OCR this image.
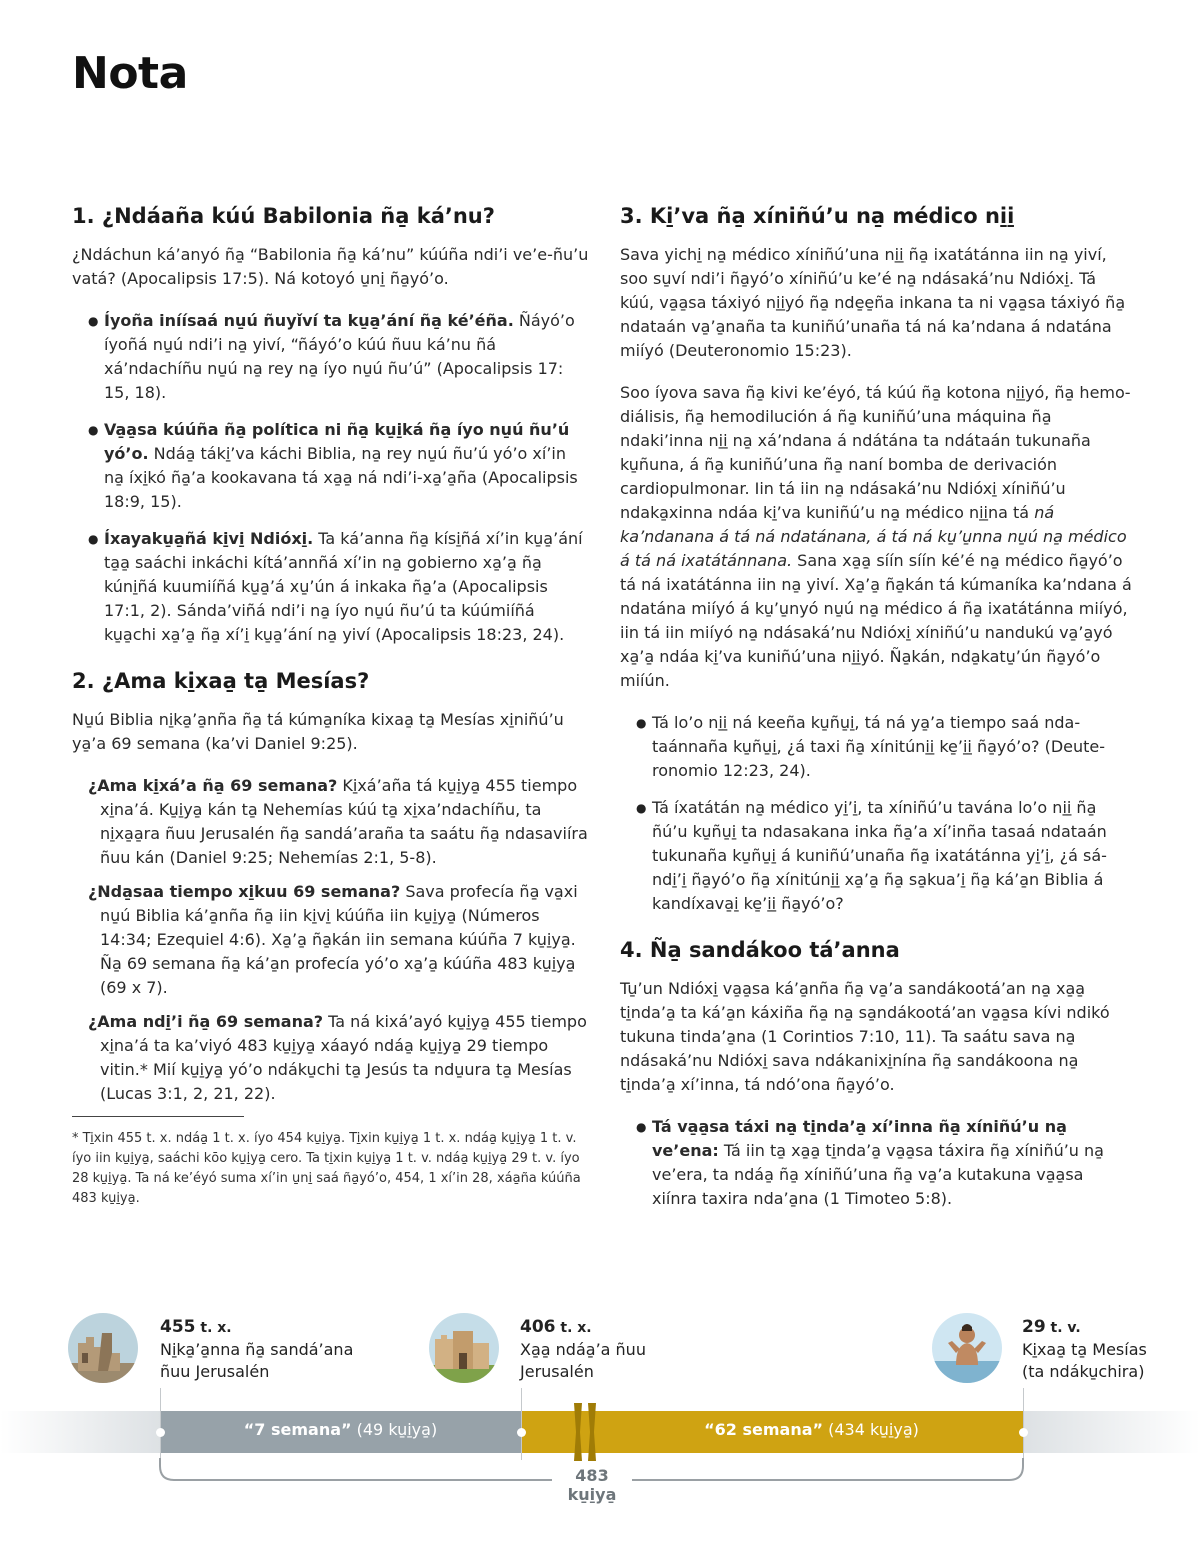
Nota
1. ¿Ndáaña kúú Babilonia ña̱ ká’nu?

¿Ndáchun ká’anyó ña̱ “Babilonia ña̱ ká’nu” kúúña ndi’i ve’e-ñu’u vatá? (Apocalipsis 17:5). Ná kotoyó u̱ni̱ ña̱yó’o.

● Íyoña iníísaá nu̱ú ñuyǐví ta ku̱a̱’ání ña̱ ké’éña. Ñáyó’o íyoñá nu̱ú ndi’i na̱ yiví, “ñáyó’o kúú ñuu ká’nu ñá xá’ndachíñu nu̱ú na̱ rey na̱ íyo nu̱ú ñu’ú” (Apocalipsis 17: 15, 18).
● Va̱a̱sa kúúña ña̱ política ni ña̱ ku̱i̱ká ña̱ íyo nu̱ú ñu’ú yó’o. Ndáa̱ táki̱’va káchi Biblia, na̱ rey nu̱ú ñu’ú yó’o xí’in na̱ íxi̱kó ña̱’a kookavana tá xa̱a̱ ná ndi’i-xa̱’a̱ña (Apocalipsis 18:9, 15).
● Íxayaku̱a̱ñá ki̱vi̱ Ndióxi̱. Ta ká’anna ña̱ kísi̱ñá xí’in ku̱a̱’ání ta̱a̱ saáchi inkáchi kítá’annñá xí’in na̱ gobierno xa̱’a̱ ña̱ kúni̱ñá kuumiíñá ku̱a̱’á xu̱’ún á inkaka ña̱’a (Apocalipsis 17:1, 2). Sánda’viñá ndi’i na̱ íyo nu̱ú ñu’ú ta kúúmiíñá ku̱a̱chi xa̱’a̱ ña̱ xí’i̱ ku̱a̱’ání na̱ yiví (Apocalipsis 18:23, 24).
2. ¿Ama ki̱xaa̱ ta̱ Mesías?

Nu̱ú Biblia ni̱ka̱’a̱nña ña̱ tá kúma̱níka kixaa̱ ta̱ Mesías xi̱niñú’u ya̱’a 69 semana (ka’vi Daniel 9:25).

¿Ama ki̱xá’a ña̱ 69 semana? Ki̱xá’aña tá ku̱i̱ya̱ 455 tiempo xi̱na’á. Ku̱i̱ya̱ kán ta̱ Nehemías kúú ta̱ xi̱xa’ndachíñu, ta ni̱xa̱a̱ra ñuu Jerusalén ña̱ sandá’araña ta saátu ña̱ ndasaviíra ñuu kán (Daniel 9:25; Nehemías 2:1, 5-8).

¿Nda̱saa tiempo xi̱kuu 69 semana? Sava profecía ña̱ va̱xi nu̱ú Biblia ká’a̱nña ña̱ iin ki̱vi̱ kúúña iin ku̱i̱ya̱ (Números 14:34; Ezequiel 4:6). Xa̱’a̱ ña̱kán iin semana kúúña 7 ku̱i̱ya̱. Ña̱ 69 semana ña̱ ká’a̱n profecía yó’o xa̱’a̱ kúúña 483 ku̱i̱ya̱ (69 x 7).

¿Ama ndi̱’i ña̱ 69 semana? Ta ná kixá’ayó ku̱i̱ya̱ 455 tiempo xi̱na’á ta ka’viyó 483 ku̱i̱ya̱ xáayó ndáa̱ ku̱i̱ya̱ 29 tiempo vitin.* Mií ku̱i̱ya̱ yó’o ndáku̱chi ta̱ Jesús ta ndu̱ura ta̱ Mesías (Lucas 3:1, 2, 21, 22).

* Ti̱xin 455 t. x. ndáa̱ 1 t. x. íyo 454 ku̱i̱ya̱. Ti̱xin ku̱i̱ya̱ 1 t. x. ndáa̱ ku̱i̱ya̱ 1 t. v. íyo iin ku̱i̱ya̱, saáchi kōo ku̱i̱ya̱ cero. Ta ti̱xin ku̱i̱ya̱ 1 t. v. ndáa̱ ku̱i̱ya̱ 29 t. v. íyo 28 ku̱i̱ya̱. Ta ná ke’éyó suma xí’in u̱ni̱ saá ña̱yó’o, 454, 1 xí’in 28, xáa̱ña kúúña 483 ku̱i̱ya̱.

3. Ki̱’va ña̱ xíniñú’u na̱ médico ni̱i̱

Sava yichi̱ na̱ médico xíniñú’una ni̱i̱ ña̱ ixatátánna iin na̱ yiví, soo su̱ví ndi’i ña̱yó’o xíniñú’u ke’é na̱ ndásaká’nu Ndióxi̱. Tá kúú, va̱a̱sa táxiyó ni̱i̱yó ña̱ nde̱e̱ña inkana ta ni va̱a̱sa táxiyó ña̱ ndataán va̱’a̱naña ta kuniñú’unaña tá ná ka’ndana á ndatána miíyó (Deuteronomio 15:23).

Soo íyova sava ña̱ kivi ke’éyó, tá kúú ña̱ kotona ni̱i̱yó, ña̱ hemodiálisis, ña̱ hemodilución á ña̱ kuniñú’una máquina ña̱ ndaki’inna ni̱i̱ na̱ xá’ndana á ndátána ta ndátaán tukunaña ku̱ñuna, á ña̱ kuniñú’una ña̱ naní bomba de derivación cardiopulmonar. Iin tá iin na̱ ndásaká’nu Ndióxi̱ xíniñú’u ndaka̱xinna ndáa ki̱’va kuniñú’u na̱ médico ni̱i̱na tá ná ka’ndanana á tá ná ndatánana, á tá ná ku̱’u̱nna nu̱ú na̱ médico á tá ná ixatátánnana. Sana xa̱a̱ síín síín ké’é na̱ médico ña̱yó’o tá ná ixatátánna iin na̱ yiví. Xa̱’a̱ ña̱kán tá kúmaníka ka’ndana á ndatána miíyó á ku̱’u̱nyó nu̱ú na̱ médico á ña̱ ixatátánna miíyó, iin tá iin miíyó na̱ ndásaká’nu Ndióxi̱ xíniñú’u nandukú va̱’a̱yó xa̱’a̱ ndáa ki̱’va kuniñú’una ni̱i̱yó. Ña̱kán, nda̱katu̱’ún ña̱yó’o miíún.

● Tá lo’o ni̱i̱ ná keeña ku̱ñu̱i̱, tá ná ya̱’a tiempo saá ndataánnaña ku̱ñu̱i̱, ¿á taxi ña̱ xínitúni̱i̱ ke̱’i̱i̱ ña̱yó’o? (Deuteronomio 12:23, 24).
● Tá íxatátán na̱ médico yi̱’i̱, ta xíniñú’u tavána lo’o ni̱i̱ ña̱ ñú’u ku̱ñu̱i̱ ta ndasakana inka ña̱’a xí’inña tasaá ndataán tukunaña ku̱ñu̱i̱ á kuniñú’unaña ña̱ ixatátánna yi̱’i̱, ¿á sándi̱’i̱ ña̱yó’o ña̱ xínitúni̱i̱ xa̱’a̱ ña̱ sa̱kua’i̱ ña̱ ká’a̱n Biblia á kandíxava̱i̱ ke̱’i̱i̱ ña̱yó’o?
4. Ña̱ sandákoo tá’anna

Tu̱’un Ndióxi̱ va̱a̱sa ká’a̱nña ña̱ va̱’a sandákootá’an na̱ xa̱a̱ ti̱nda’a̱ ta ká’a̱n káxiña ña̱ na̱ sa̱ndákootá’an va̱a̱sa kívi ndikó tukuna tinda’a̱na (1 Corintios 7:10, 11). Ta saátu sava na̱ ndásaká’nu Ndióxi̱ sava ndákanixi̱nína ña̱ sandákoona na̱ ti̱nda’a̱ xí’inna, tá ndó’ona ña̱yó’o.

● Tá va̱a̱sa táxi na̱ ti̱nda’a̱ xí’inna ña̱ xíniñú’u na̱ ve’ena: Tá iin ta̱ xa̱a̱ ti̱nda’a̱ va̱a̱sa táxira ña̱ xíniñú’u na̱ ve’era, ta ndáa̱ ña̱ xíniñú’una ña̱ va̱’a kutakuna va̱a̱sa xiínra taxira nda’a̱na (1 Timoteo 5:8).
455 t. x.
Ni̱ka̱’a̱nna ña̱ sandá’ana
ñuu Jerusalén
406 t. x.
Xa̱a̱ ndáa̱’a ñuu
Jerusalén
29 t. v.
Ki̱xaa̱ ta̱ Mesías
(ta ndáku̱chira)
“7 semana” (49 ku̱i̱ya̱)	“62 semana” (434 ku̱i̱ya̱)
483 ku̱i̱ya̱
